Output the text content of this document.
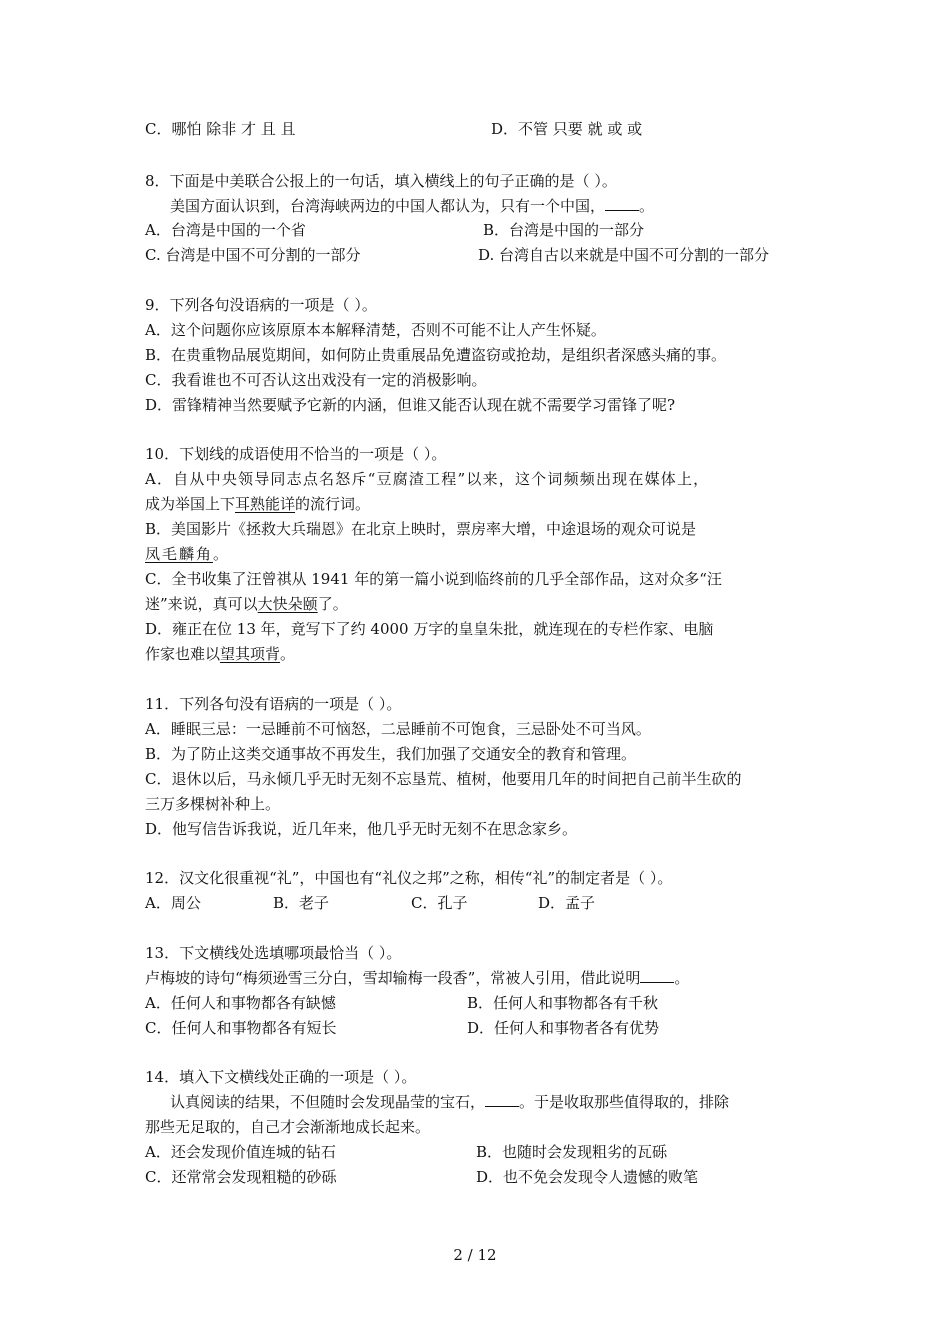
C．哪怕 除非 才 且 且	D．不管 只要 就 或 或
8．下面是中美联合公报上的一句话，填入横线上的句子正确的是（ ）。
美国方面认识到，台湾海峡两边的中国人都认为，只有一个中国， 。
A．台湾是中国的一个省	B．台湾是中国的一部分
C. 台湾是中国不可分割的一部分	D. 台湾自古以来就是中国不可分割的一部分
9．下列各句没语病的一项是（ ）。
A．这个问题你应该原原本本解释清楚，否则不可能不让人产生怀疑。
B．在贵重物品展览期间，如何防止贵重展品免遭盗窃或抢劫，是组织者深感头痛的事。
C．我看谁也不可否认这出戏没有一定的消极影响。
D．雷锋精神当然要赋予它新的内涵，但谁又能否认现在就不需要学习雷锋了呢?
10．下划线的成语使用不恰当的一项是（ ）。
A．自从中央领导同志点名怒斥“豆腐渣工程”以来，这个词频频出现在媒体上，
成为举国上下耳熟能详的流行词。
B．美国影片《拯救大兵瑞恩》在北京上映时，票房率大增，中途退场的观众可说是
凤毛麟角。
C．全书收集了汪曾祺从 1941 年的第一篇小说到临终前的几乎全部作品，这对众多“汪
迷”来说，真可以大快朵颐了。
D．雍正在位 13 年，竟写下了约 4000 万字的皇皇朱批，就连现在的专栏作家、电脑
作家也难以望其项背。
11．下列各句没有语病的一项是（ ）。
A．睡眠三忌：一忌睡前不可恼怒，二忌睡前不可饱食，三忌卧处不可当风。
B．为了防止这类交通事故不再发生，我们加强了交通安全的教育和管理。
C．退休以后，马永倾几乎无时无刻不忘垦荒、植树，他要用几年的时间把自己前半生砍的
三万多棵树补种上。
D．他写信告诉我说，近几年来，他几乎无时无刻不在思念家乡。
12．汉文化很重视“礼”，中国也有“礼仪之邦”之称，相传“礼”的制定者是（ ）。
A．周公	B．老子	C．孔子	D．孟子
13．下文横线处选填哪项最恰当（ ）。
卢梅坡的诗句“梅须逊雪三分白，雪却输梅一段香”，常被人引用，借此说明 。
A．任何人和事物都各有缺憾	B．任何人和事物都各有千秋
C．任何人和事物都各有短长	D．任何人和事物者各有优势
14．填入下文横线处正确的一项是（ ）。
认真阅读的结果，不但随时会发现晶莹的宝石， 。于是收取那些值得取的，排除
那些无足取的，自己才会渐渐地成长起来。
A．还会发现价值连城的钻石	B．也随时会发现粗劣的瓦砾
C．还常常会发现粗糙的砂砾	D．也不免会发现令人遗憾的败笔
2 / 12
